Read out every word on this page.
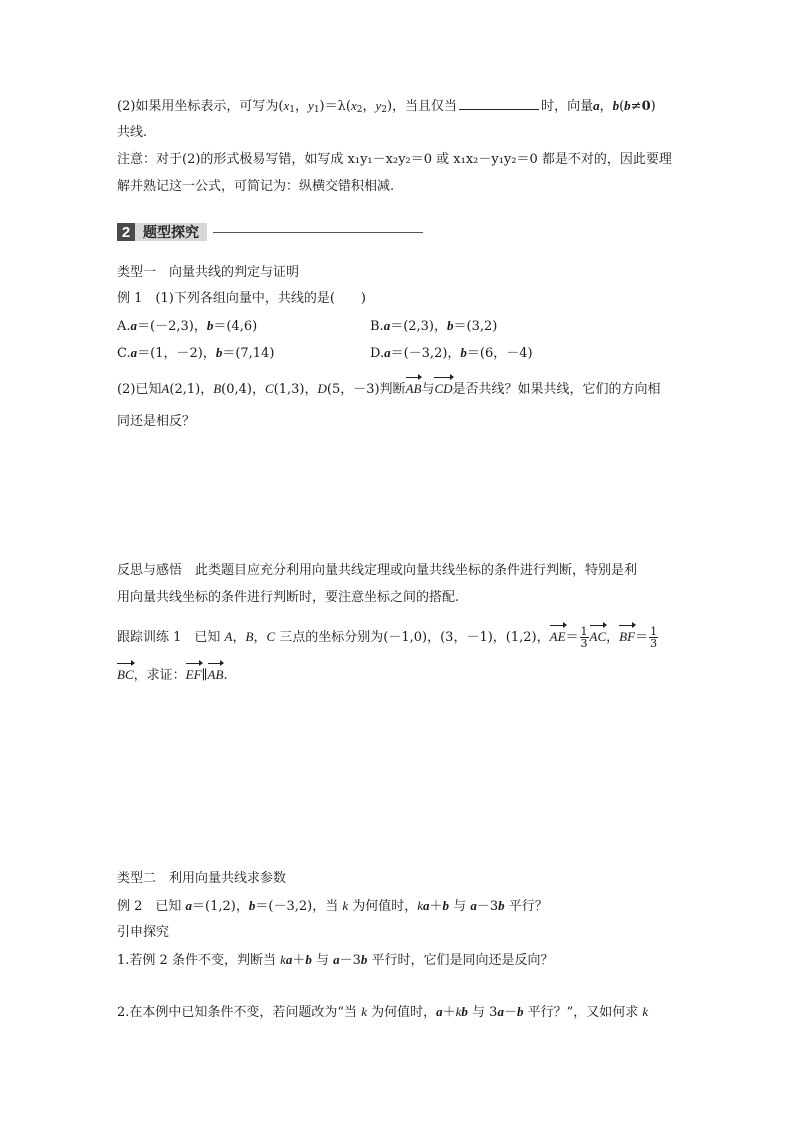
(2)如果用坐标表示，可写为($x_1$，$y_1)=\lambda(x_2$，$y_2$)，当且仅当	时，向量a，b(b≠0)
共线.
注意：对于(2)的形式极易写错，如写成 x₁y₁－x₂y₂＝0 或 x₁x₂－y₁y₂＝0 都是不对的，因此要理
解并熟记这一公式，可简记为：纵横交错积相减.
2 题型探究
类型一　向量共线的判定与证明
例 1　(1)下列各组向量中，共线的是(　　)
A.a＝(－2,3)，b＝(4,6)	B.a＝(2,3)，b＝(3,2)
C.a＝(1，－2)，b＝(7,14)	D.a＝(－3,2)，b＝(6，－4)
(2)已知A(2,1)，B(0,4)，C(1,3)，D(5，－3)判断AB与CD是否共线？如果共线，它们的方向相
同还是相反？
反思与感悟　此类题目应充分利用向量共线定理或向量共线坐标的条件进行判断，特别是利
用向量共线坐标的条件进行判断时，要注意坐标之间的搭配.
跟踪训练 1　已知 A，B，C 三点的坐标分别为(－1,0)，(3，－1)，(1,2)，$AE= \frac{1}{3}$ AC，$BF= \frac{1}{3}$
BC，求证：EF∥AB.
类型二　利用向量共线求参数
例 2　已知 a＝(1,2)，b＝(－3,2)，当 k 为何值时，ka＋b 与 a－3b 平行？
引申探究
1.若例 2 条件不变，判断当 ka＋b 与 a－3b 平行时，它们是同向还是反向？
2.在本例中已知条件不变，若问题改为“当 k 为何值时，a＋kb 与 3a－b 平行？”，又如何求 k
